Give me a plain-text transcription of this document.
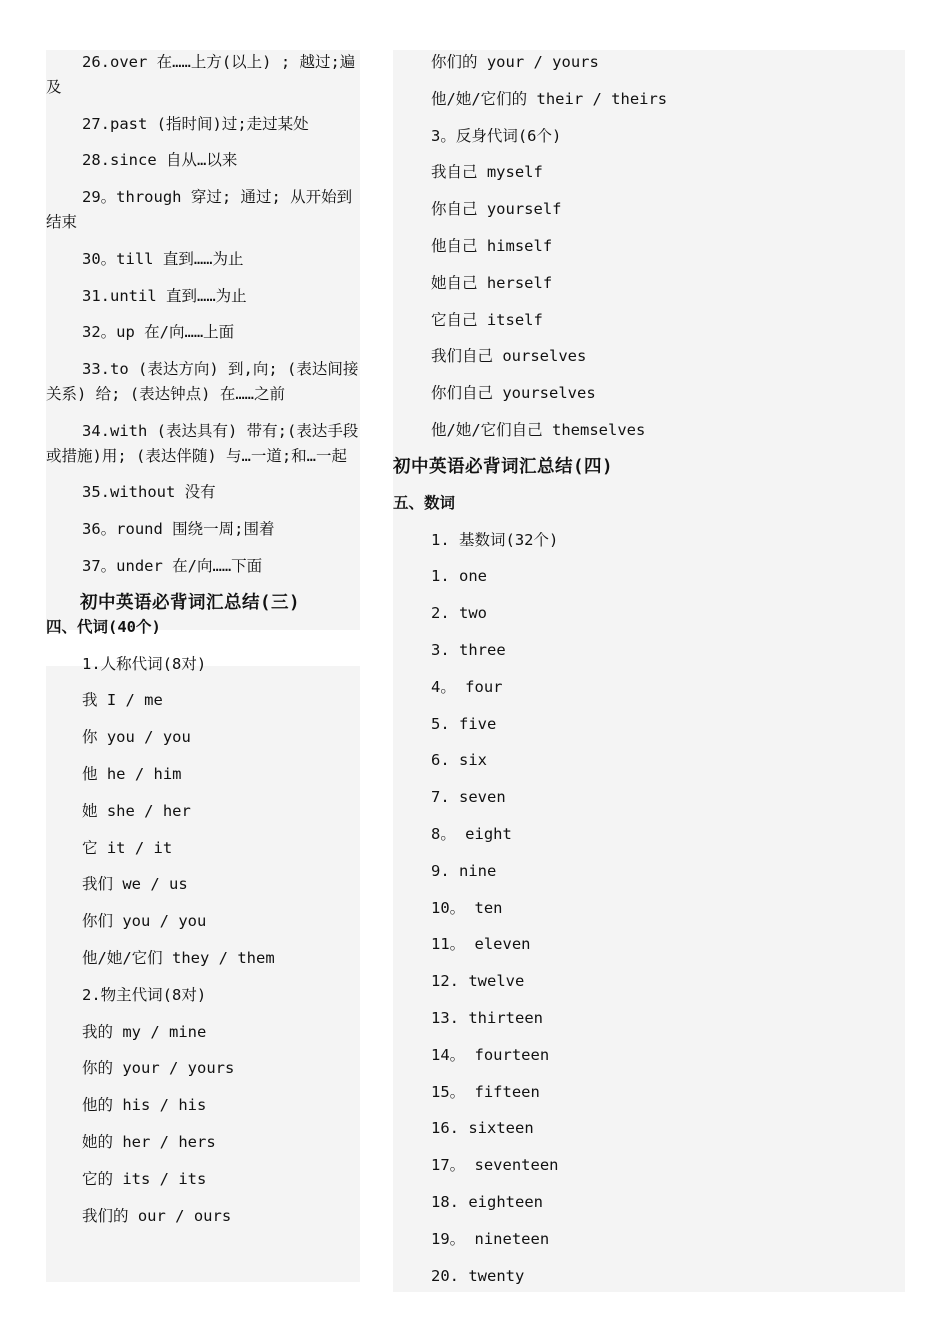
26.over 在……上方(以上) ; 越过;遍及

27.past (指时间)过;走过某处

28.since 自从…以来

29。through 穿过; 通过; 从开始到结束

30。till 直到……为止

31.until 直到……为止

32。up 在/向……上面

33.to (表达方向) 到,向; (表达间接关系) 给; (表达钟点) 在……之前

34.with (表达具有) 带有;(表达手段或措施)用; (表达伴随) 与…一道;和…一起

35.without 没有

36。round 围绕一周;围着

37。under 在/向……下面

初中英语必背词汇总结(三)
四、代词(40个)

1.人称代词(8对)

我 I / me

你 you / you

他 he / him

她 she / her

它 it / it

我们 we / us

你们 you / you

他/她/它们 they / them

2.物主代词(8对)

我的 my / mine

你的 your / yours

他的 his / his

她的 her / hers

它的 its / its

我们的 our / ours

你们的 your / yours

他/她/它们的 their / theirs

3。反身代词(6个)

我自己 myself

你自己 yourself

他自己 himself

她自己 herself

它自己 itself

我们自己 ourselves

你们自己 yourselves

他/她/它们自己 themselves

初中英语必背词汇总结(四)
五、数词

1. 基数词(32个)

1. one

2. two

3. three

4。 four

5. five

6. six

7. seven

8。 eight

9. nine

10。 ten

11。 eleven

12. twelve

13. thirteen

14。 fourteen

15。 fifteen

16. sixteen

17。 seventeen

18. eighteen

19。 nineteen

20. twenty
